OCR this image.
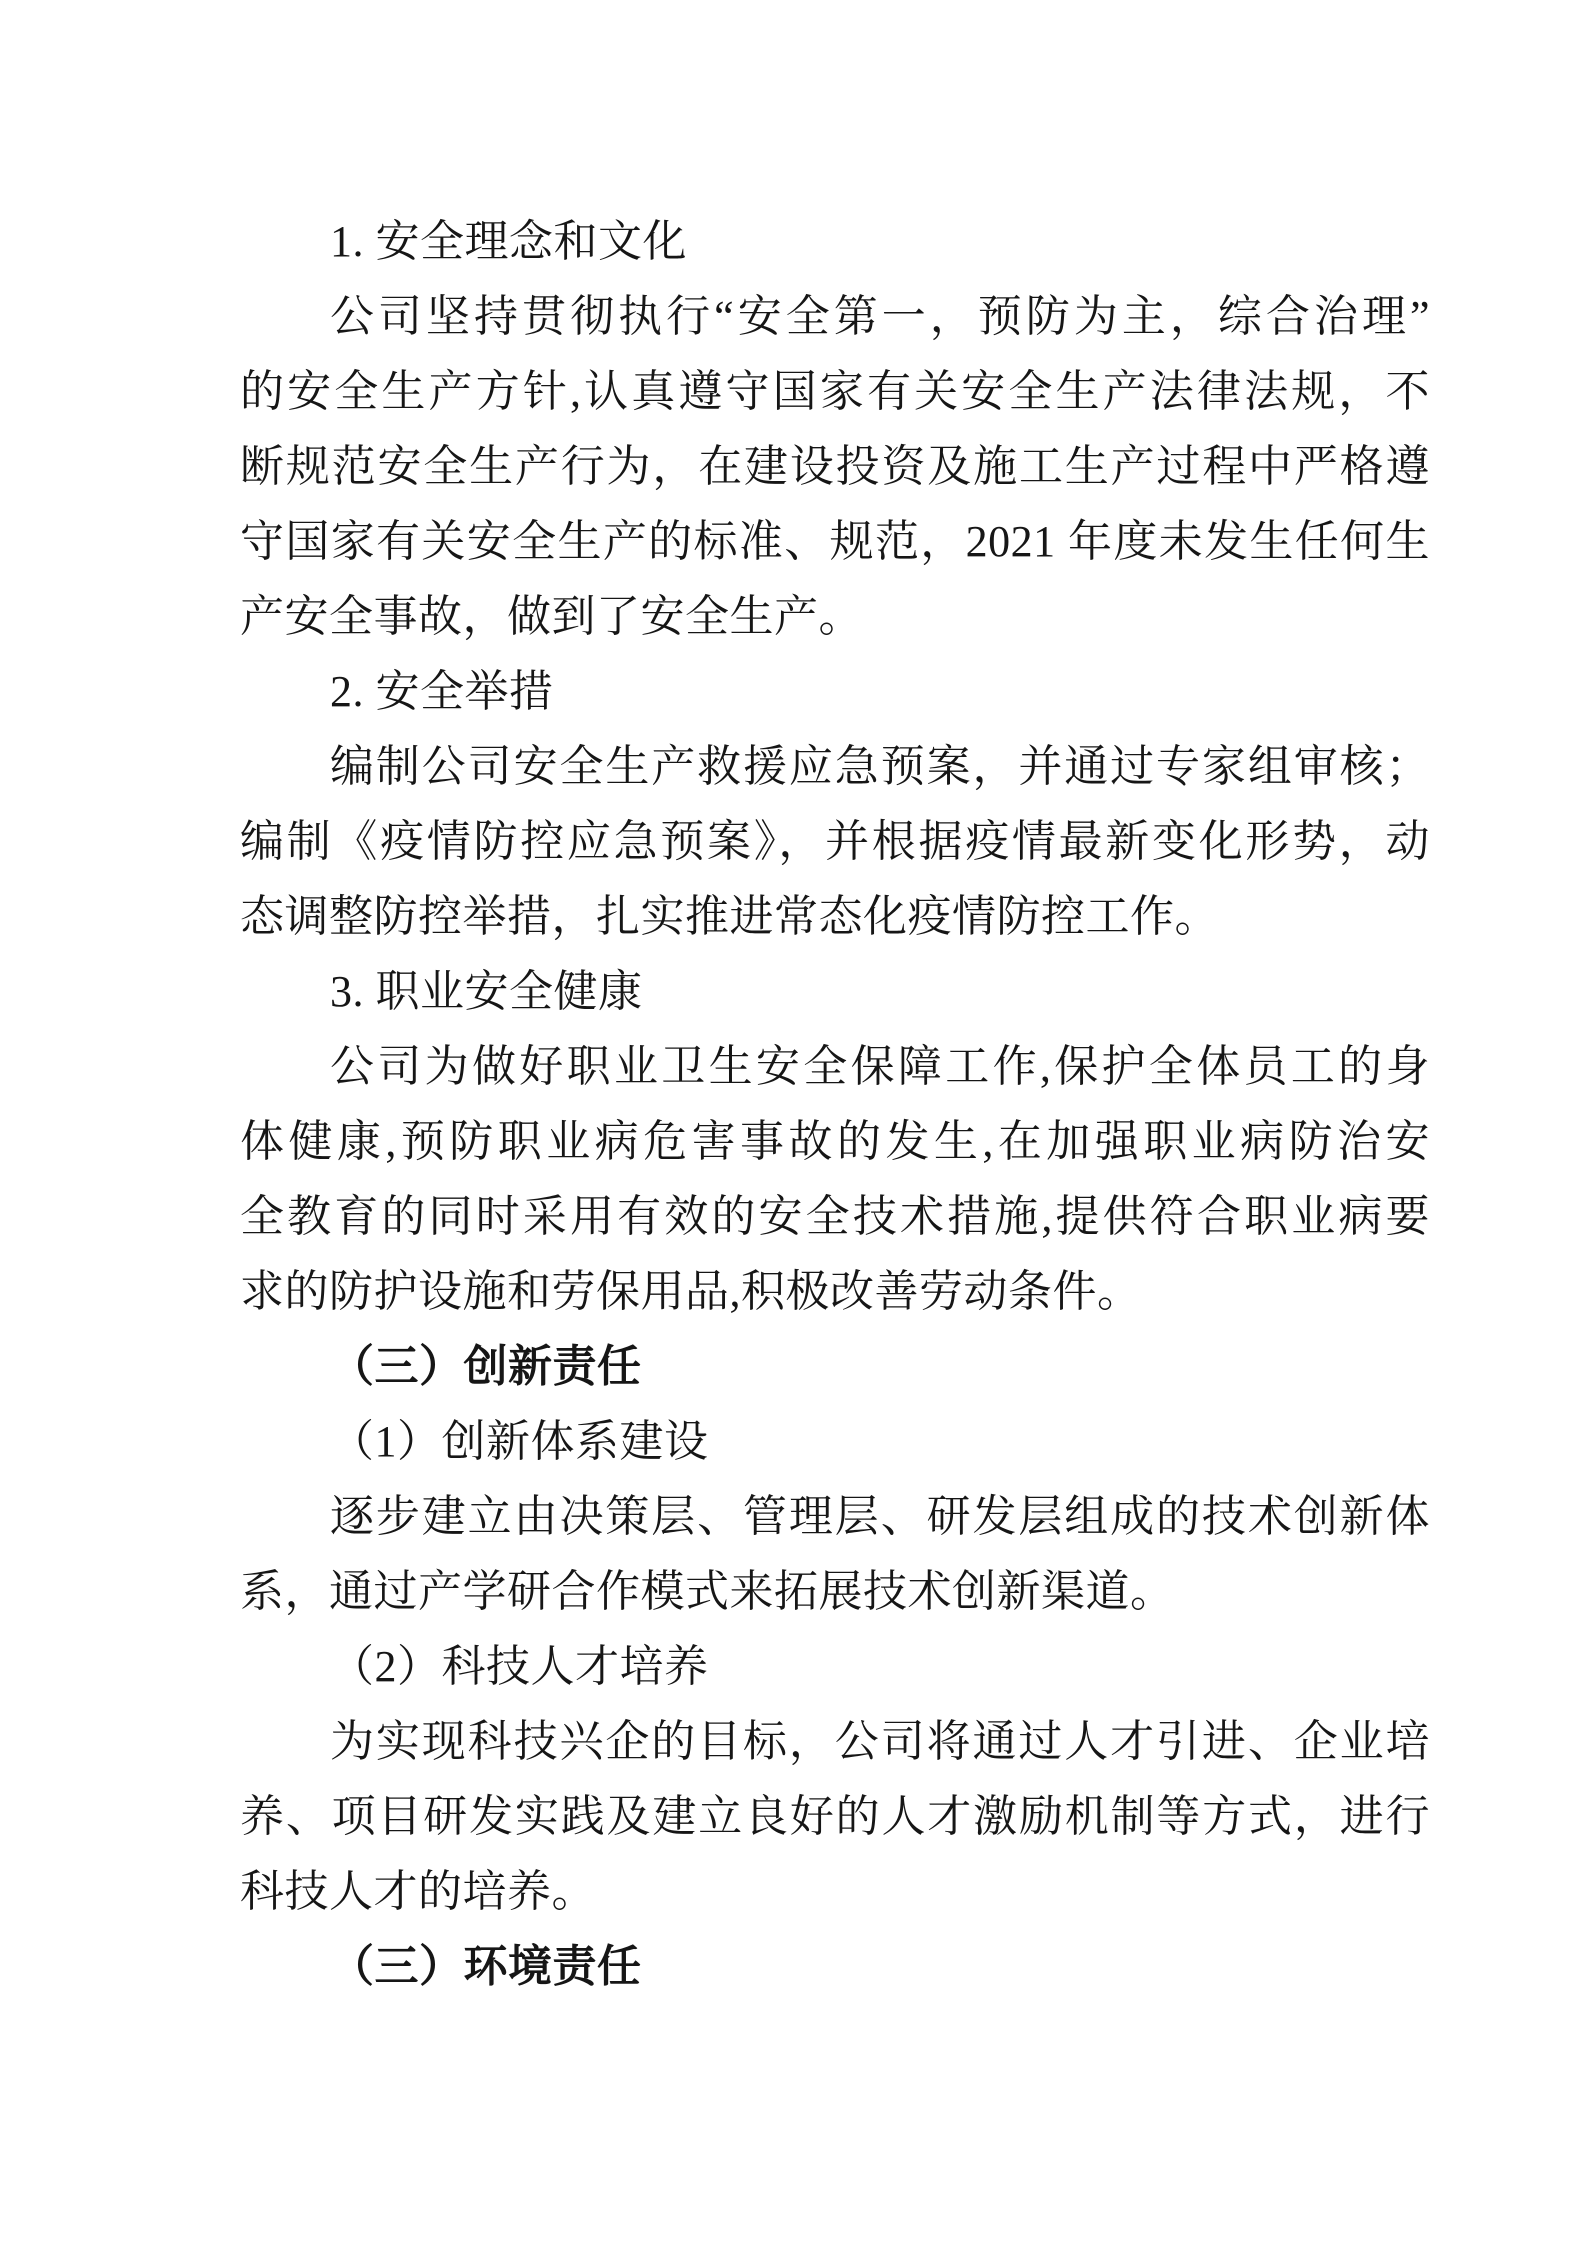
1. 安全理念和文化
公司坚持贯彻执行“安全第一，预防为主，综合治理”
的安全生产方针,认真遵守国家有关安全生产法律法规，不
断规范安全生产行为，在建设投资及施工生产过程中严格遵
守国家有关安全生产的标准、规范，2021 年度未发生任何生
产安全事故，做到了安全生产。
2. 安全举措
编制公司安全生产救援应急预案，并通过专家组审核；
编制《疫情防控应急预案》，并根据疫情最新变化形势，动
态调整防控举措，扎实推进常态化疫情防控工作。
3. 职业安全健康
公司为做好职业卫生安全保障工作,保护全体员工的身
体健康,预防职业病危害事故的发生,在加强职业病防治安
全教育的同时采用有效的安全技术措施,提供符合职业病要
求的防护设施和劳保用品,积极改善劳动条件。
（三）创新责任
（1）创新体系建设
逐步建立由决策层、管理层、研发层组成的技术创新体
系，通过产学研合作模式来拓展技术创新渠道。
（2）科技人才培养
为实现科技兴企的目标，公司将通过人才引进、企业培
养、项目研发实践及建立良好的人才激励机制等方式，进行
科技人才的培养。
（三）环境责任
